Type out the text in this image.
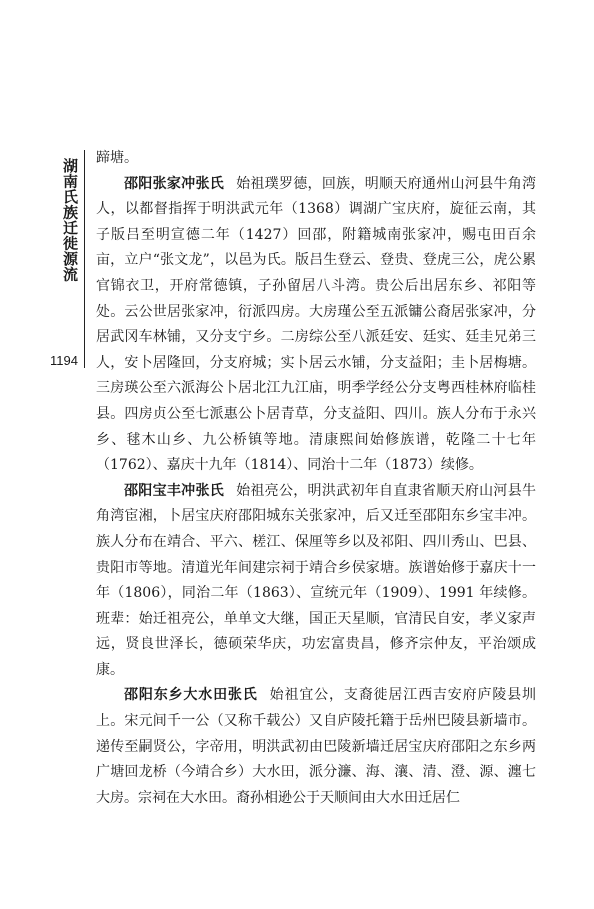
湖南氏族迁徙源流
1194

蹄塘。

邵阳张家冲张氏 始祖璞罗德，回族，明顺天府通州山河县牛角湾人，以都督指挥于明洪武元年（1368）调湖广宝庆府，旋征云南，其子版吕至明宣德二年（1427）回邵，附籍城南张家冲，赐屯田百余亩，立户“张文龙”，以邑为氏。版吕生登云、登贵、登虎三公，虎公累官锦衣卫，开府常德镇，子孙留居八斗湾。贵公后出居东乡、祁阳等处。云公世居张家冲，衍派四房。大房瑾公至五派镛公裔居张家冲，分居武冈车林铺，又分支宁乡。二房综公至八派廷安、廷实、廷圭兄弟三人，安卜居隆回，分支府城；实卜居云水铺，分支益阳；圭卜居梅塘。三房瑛公至六派海公卜居北江九江庙，明季学经公分支粤西桂林府临桂县。四房贞公至七派惠公卜居青草，分支益阳、四川。族人分布于永兴乡、毬木山乡、九公桥镇等地。清康熙间始修族谱，乾隆二十七年（1762）、嘉庆十九年（1814）、同治十二年（1873）续修。

邵阳宝丰冲张氏 始祖亮公，明洪武初年自直隶省顺天府山河县牛角湾宦湘，卜居宝庆府邵阳城东关张家冲，后又迁至邵阳东乡宝丰冲。族人分布在靖合、平六、槎江、保厘等乡以及祁阳、四川秀山、巴县、贵阳市等地。清道光年间建宗祠于靖合乡侯家塘。族谱始修于嘉庆十一年（1806），同治二年（1863）、宣统元年（1909）、1991 年续修。班辈：始迁祖亮公，单单文大继，国正天星顺，官清民自安，孝义家声远，贤良世泽长，德硕荣华庆，功宏富贵昌，修齐宗仲友，平治颂成康。

邵阳东乡大水田张氏 始祖宜公，支裔徙居江西吉安府庐陵县圳上。宋元间千一公（又称千载公）又自庐陵托籍于岳州巴陵县新墙市。递传至嗣贤公，字帝用，明洪武初由巴陵新墙迁居宝庆府邵阳之东乡两广塘回龙桥（今靖合乡）大水田，派分濂、海、瀼、清、澄、源、瀍七大房。宗祠在大水田。裔孙相逊公于天顺间由大水田迁居仁
